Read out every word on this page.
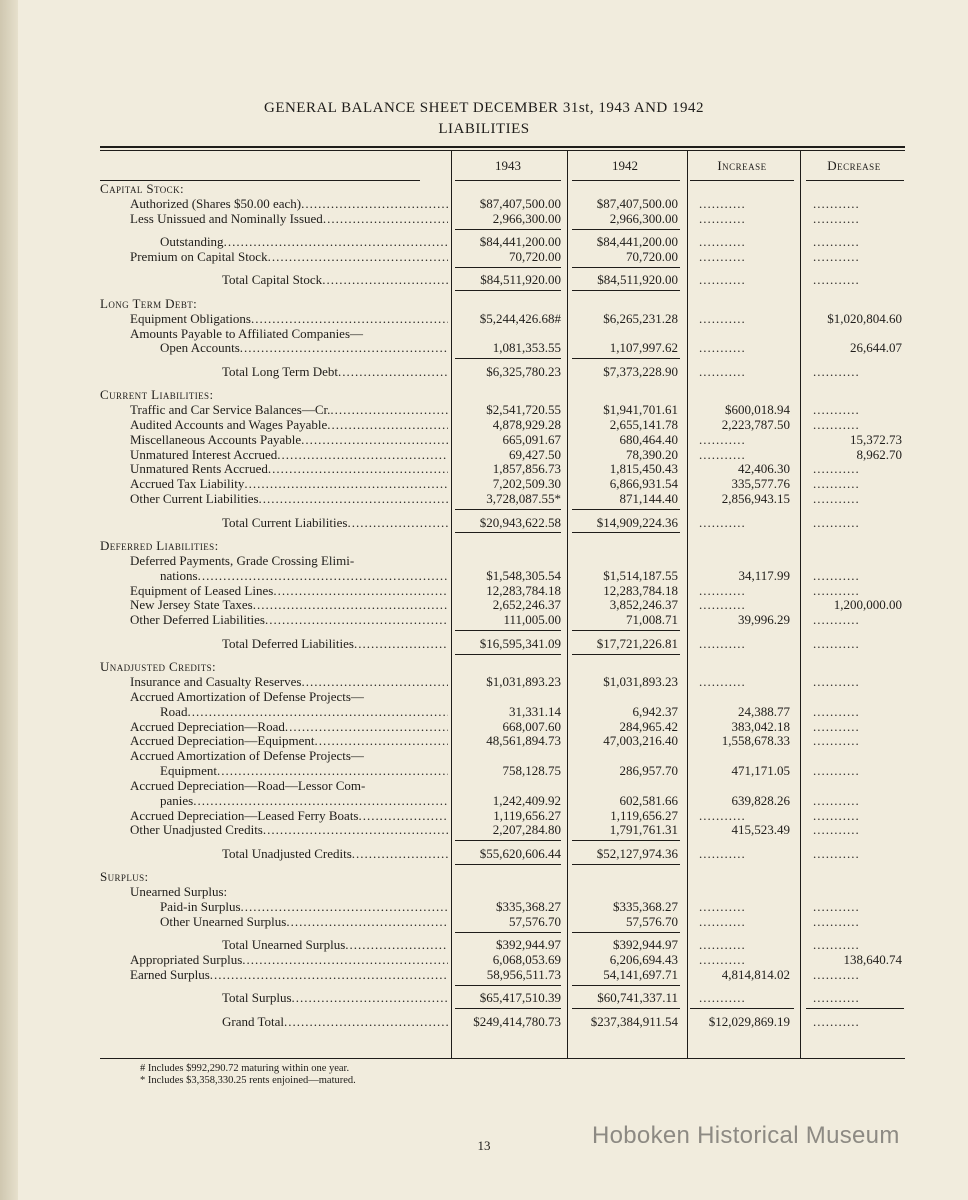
GENERAL BALANCE SHEET DECEMBER 31st, 1943 AND 1942
LIABILITIES
1943	1942	Increase	Decrease
Capital Stock:
Authorized (Shares $50.00 each) .....	$87,407,500.00	$87,407,500.00 ...........	...........
Less Unissued and Nominally Issued .....	2,966,300.00	2,966,300.00 ...........	...........
Outstanding .....	$84,441,200.00	$84,441,200.00 ...........	...........
Premium on Capital Stock .....	70,720.00	70,720.00 ...........	...........
Total Capital Stock .....	$84,511,920.00	$84,511,920.00 ...........	...........
Long Term Debt:
Equipment Obligations .....	$5,244,426.68#	$6,265,231.28 ...........	$1,020,804.60
Amounts Payable to Affiliated Companies—
Open Accounts .....	1,081,353.55	1,107,997.62 ...........	26,644.07
Total Long Term Debt .....	$6,325,780.23	$7,373,228.90 ...........	...........
Current Liabilities:
Traffic and Car Service Balances—Cr. .....	$2,541,720.55	$1,941,701.61	$600,018.94 ...........
Audited Accounts and Wages Payable .....	4,878,929.28	2,655,141.78	2,223,787.50 ...........
Miscellaneous Accounts Payable .....	665,091.67	680,464.40 ...........	15,372.73
Unmatured Interest Accrued .....	69,427.50	78,390.20 ...........	8,962.70
Unmatured Rents Accrued .....	1,857,856.73	1,815,450.43	42,406.30 ...........
Accrued Tax Liability .....	7,202,509.30	6,866,931.54	335,577.76 ...........
Other Current Liabilities .....	3,728,087.55*	871,144.40	2,856,943.15 ...........
Total Current Liabilities .....	$20,943,622.58	$14,909,224.36 ...........	...........
Deferred Liabilities:
Deferred Payments, Grade Crossing Elimi-
nations .....	$1,548,305.54	$1,514,187.55	34,117.99 ...........
Equipment of Leased Lines .....	12,283,784.18	12,283,784.18 ...........	...........
New Jersey State Taxes .....	2,652,246.37	3,852,246.37 ...........	1,200,000.00
Other Deferred Liabilities .....	111,005.00	71,008.71	39,996.29 ...........
Total Deferred Liabilities .....	$16,595,341.09	$17,721,226.81 ...........	...........
Unadjusted Credits:
Insurance and Casualty Reserves .....	$1,031,893.23	$1,031,893.23 ...........	...........
Accrued Amortization of Defense Projects—
Road .....	31,331.14	6,942.37	24,388.77 ...........
Accrued Depreciation—Road .....	668,007.60	284,965.42	383,042.18 ...........
Accrued Depreciation—Equipment .....	48,561,894.73	47,003,216.40	1,558,678.33 ...........
Accrued Amortization of Defense Projects—
Equipment .....	758,128.75	286,957.70	471,171.05 ...........
Accrued Depreciation—Road—Lessor Com-
panies .....	1,242,409.92	602,581.66	639,828.26 ...........
Accrued Depreciation—Leased Ferry Boats .....	1,119,656.27	1,119,656.27 ...........	...........
Other Unadjusted Credits .....	2,207,284.80	1,791,761.31	415,523.49 ...........
Total Unadjusted Credits .....	$55,620,606.44	$52,127,974.36 ...........	...........
Surplus:
Unearned Surplus:
Paid-in Surplus .....	$335,368.27	$335,368.27 ...........	...........
Other Unearned Surplus .....	57,576.70	57,576.70 ...........	...........
Total Unearned Surplus .....	$392,944.97	$392,944.97 ...........	...........
Appropriated Surplus .....	6,068,053.69	6,206,694.43 ...........	138,640.74
Earned Surplus .....	58,956,511.73	54,141,697.71	4,814,814.02 ...........
Total Surplus .....	$65,417,510.39	$60,741,337.11 ...........	...........
Grand Total .....	$249,414,780.73	$237,384,911.54	$12,029,869.19 ...........
# Includes $992,290.72 maturing within one year.
* Includes $3,358,330.25 rents enjoined—matured.
13	Hoboken Historical Museum
